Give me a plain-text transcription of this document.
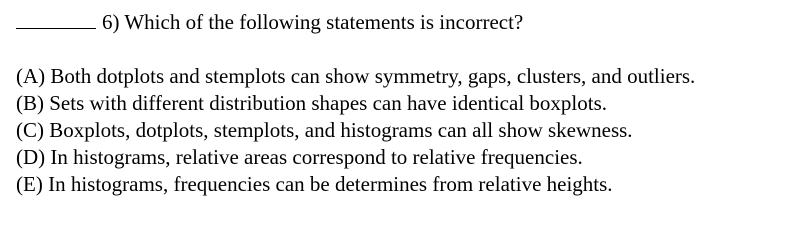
6) Which of the following statements is incorrect?
(A) Both dotplots and stemplots can show symmetry, gaps, clusters, and outliers.
(B) Sets with different distribution shapes can have identical boxplots.
(C) Boxplots, dotplots, stemplots, and histograms can all show skewness.
(D) In histograms, relative areas correspond to relative frequencies.
(E) In histograms, frequencies can be determines from relative heights.
